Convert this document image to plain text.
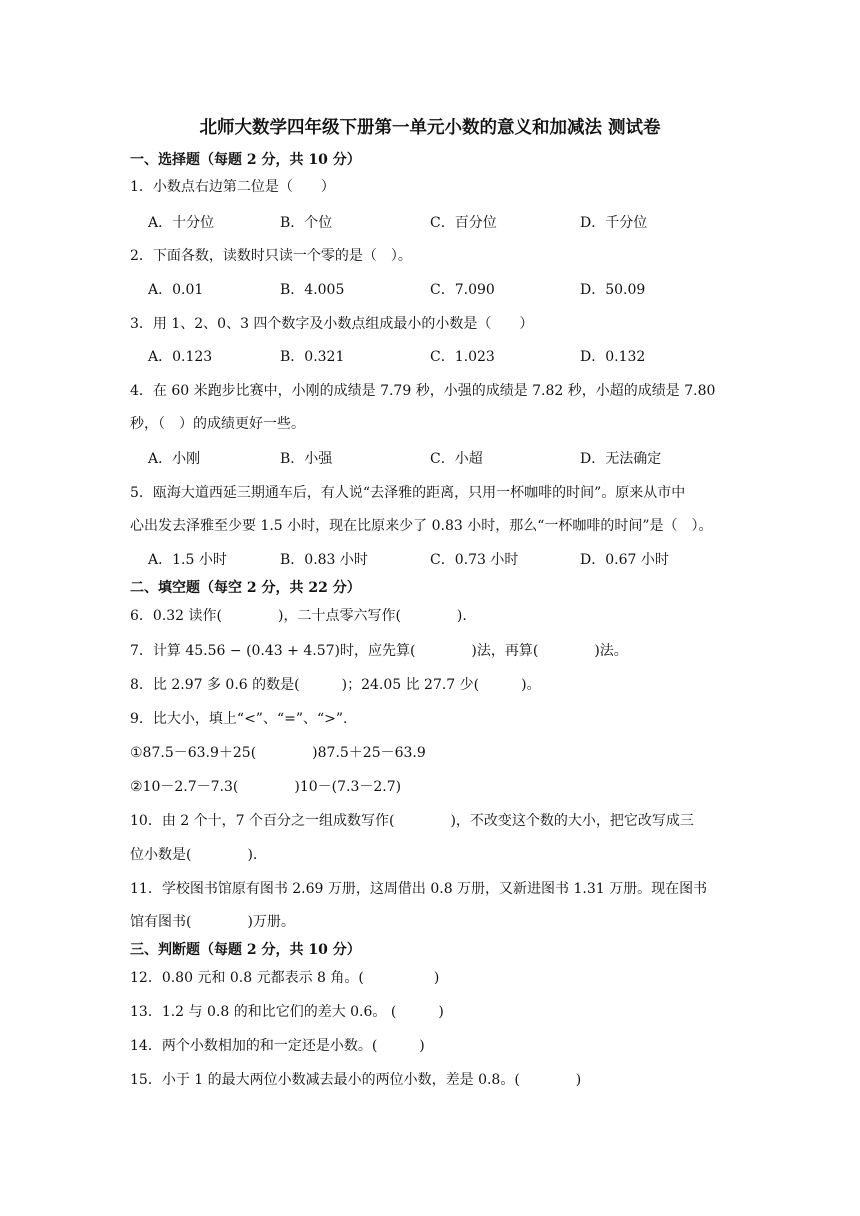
北师大数学四年级下册第一单元小数的意义和加减法 测试卷
一、选择题（每题 2 分，共 10 分）
1．小数点右边第二位是（　　）
A．十分位	B．个位	C．百分位	D．千分位
2．下面各数，读数时只读一个零的是（　）。
A．0.01	B．4.005	C．7.090	D．50.09
3．用 1、2、0、3 四个数字及小数点组成最小的小数是（　　）
A．0.123	B．0.321	C．1.023	D．0.132
4．在 60 米跑步比赛中，小刚的成绩是 7.79 秒，小强的成绩是 7.82 秒，小超的成绩是 7.80
秒，（　）的成绩更好一些。
A．小刚	B．小强	C．小超	D．无法确定
5．瓯海大道西延三期通车后，有人说“去泽雅的距离，只用一杯咖啡的时间”。原来从市中
心出发去泽雅至少要 1.5 小时，现在比原来少了 0.83 小时，那么“一杯咖啡的时间”是（　）。
A．1.5 小时	B．0.83 小时	C．0.73 小时	D．0.67 小时
二、填空题（每空 2 分，共 22 分）
6．0.32 读作(　　　　)，二十点零六写作(　　　　).
7．计算 45.56 − (0.43 + 4.57)时，应先算(　　　　)法，再算(　　　　)法。
8．比 2.97 多 0.6 的数是(　　　)；24.05 比 27.7 少(　　　)。
9．比大小，填上“<”、“=”、“>”.
①87.5－63.9＋25(　　　　)87.5＋25－63.9
②10－2.7－7.3(　　　　)10－(7.3－2.7)
10．由 2 个十，7 个百分之一组成数写作(　　　　)，不改变这个数的大小，把它改写成三
位小数是(　　　　).
11．学校图书馆原有图书 2.69 万册，这周借出 0.8 万册，又新进图书 1.31 万册。现在图书
馆有图书(　　　　)万册。
三、判断题（每题 2 分，共 10 分）
12．0.80 元和 0.8 元都表示 8 角。(　　　　　)
13．1.2 与 0.8 的和比它们的差大 0.6。 (　　　)
14．两个小数相加的和一定还是小数。(　　　)
15．小于 1 的最大两位小数减去最小的两位小数，差是 0.8。(　　　　)
